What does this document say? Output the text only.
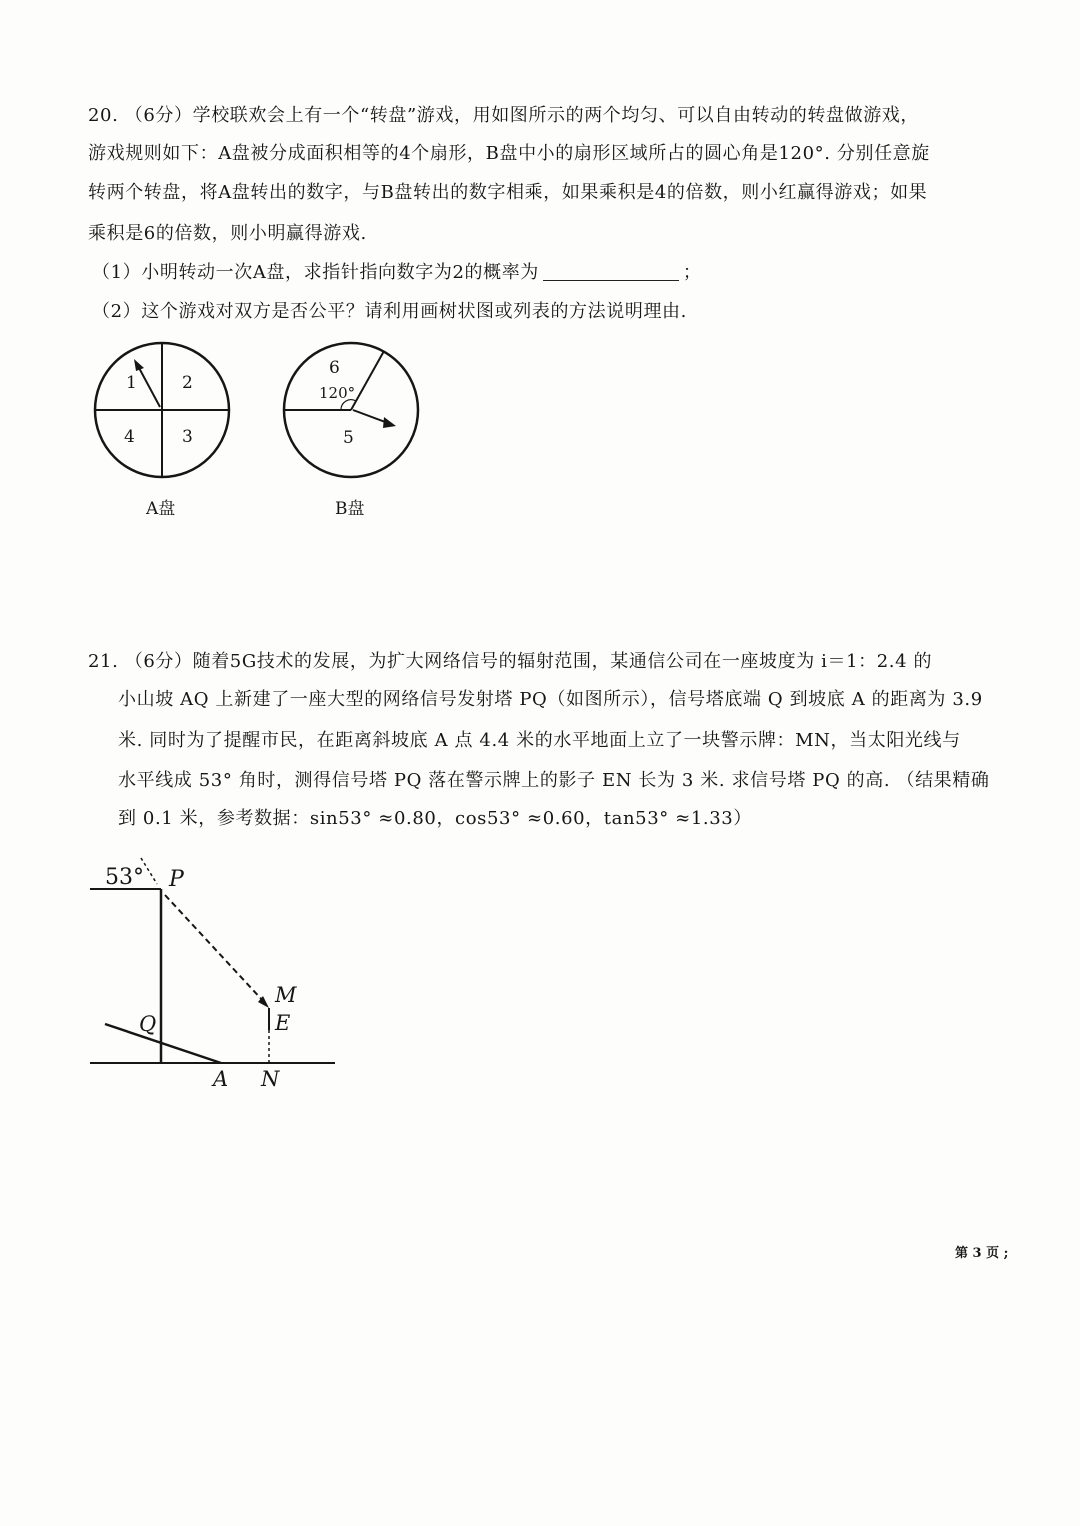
20. （6分）学校联欢会上有一个“转盘”游戏，用如图所示的两个均匀、可以自由转动的转盘做游戏，
游戏规则如下：A盘被分成面积相等的4个扇形，B盘中小的扇形区域所占的圆心角是120°. 分别任意旋
转两个转盘，将A盘转出的数字，与B盘转出的数字相乘，如果乘积是4的倍数，则小红赢得游戏；如果
乘积是6的倍数，则小明赢得游戏.
（1）小明转动一次A盘，求指针指向数字为2的概率为	；
（2）这个游戏对双方是否公平？请利用画树状图或列表的方法说明理由.
1	2
4	3
A盘
6
120°
5
B盘
21. （6分）随着5G技术的发展，为扩大网络信号的辐射范围，某通信公司在一座坡度为 i＝1：2.4 的
小山坡 AQ 上新建了一座大型的网络信号发射塔 PQ（如图所示），信号塔底端 Q 到坡底 A 的距离为 3.9
米. 同时为了提醒市民，在距离斜坡底 A 点 4.4 米的水平地面上立了一块警示牌：MN，当太阳光线与
水平线成 53° 角时，测得信号塔 PQ 落在警示牌上的影子 EN 长为 3 米. 求信号塔 PQ 的高. （结果精确
到 0.1 米，参考数据：sin53° ≈0.80，cos53° ≈0.60，tan53° ≈1.33）
53° P
M
E
Q
A N
第 3 页 ;
